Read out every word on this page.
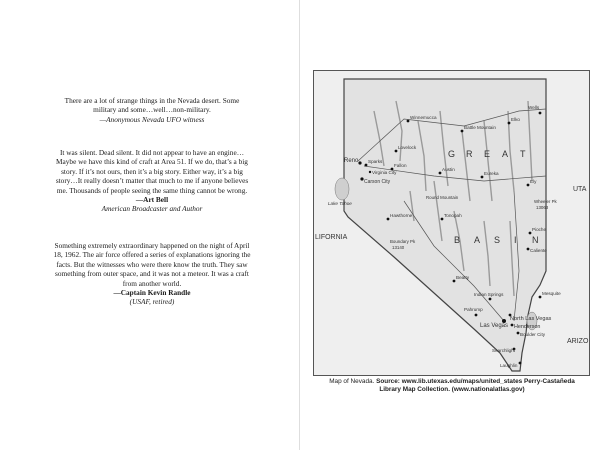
There are a lot of strange things in the Nevada desert. Some
military and some…well…non-military.
—Anonymous Nevada UFO witness
It was silent. Dead silent. It did not appear to have an engine…
Maybe we have this kind of craft at Area 51. If we do, that’s a big
story. If it’s not ours, then it’s a big story. Either way, it’s a big
story…It really doesn’t matter that much to me if anyone believes
me. Thousands of people seeing the same thing cannot be wrong.
—Art Bell
American Broadcaster and Author
Something extremely extraordinary happened on the night of April
18, 1962. The air force offered a series of explanations ignoring the
facts. But the witnesses who were there know the truth. They saw
something from outer space, and it was not a meteor. It was a craft
from another world.
—Captain Kevin Randle
(USAF, retired)
G R E A T
B A S I N
LIFORNIA
UTA
ARIZO
Winnemucca
Battle Mountain
Elko
Wells
Lovelock
Reno Sparks
Carson City
Virginia City
Fallon
Austin
Eureka
Ely
Tonopah
Hawthorne
Beatty
Pahrump
Indian Springs
Las Vegas
North Las Vegas
Henderson
Boulder City
Mesquite
Searchlight
Laughlin
Caliente
Pioche
Lake Tahoe	Wheeler Pk
13063
Boundary Pk
13140
Round Mountain
Map of Nevada. Source: www.lib.utexas.edu/maps/united_states Perry-Castañeda Library Map Collection. (www.nationalatlas.gov)
